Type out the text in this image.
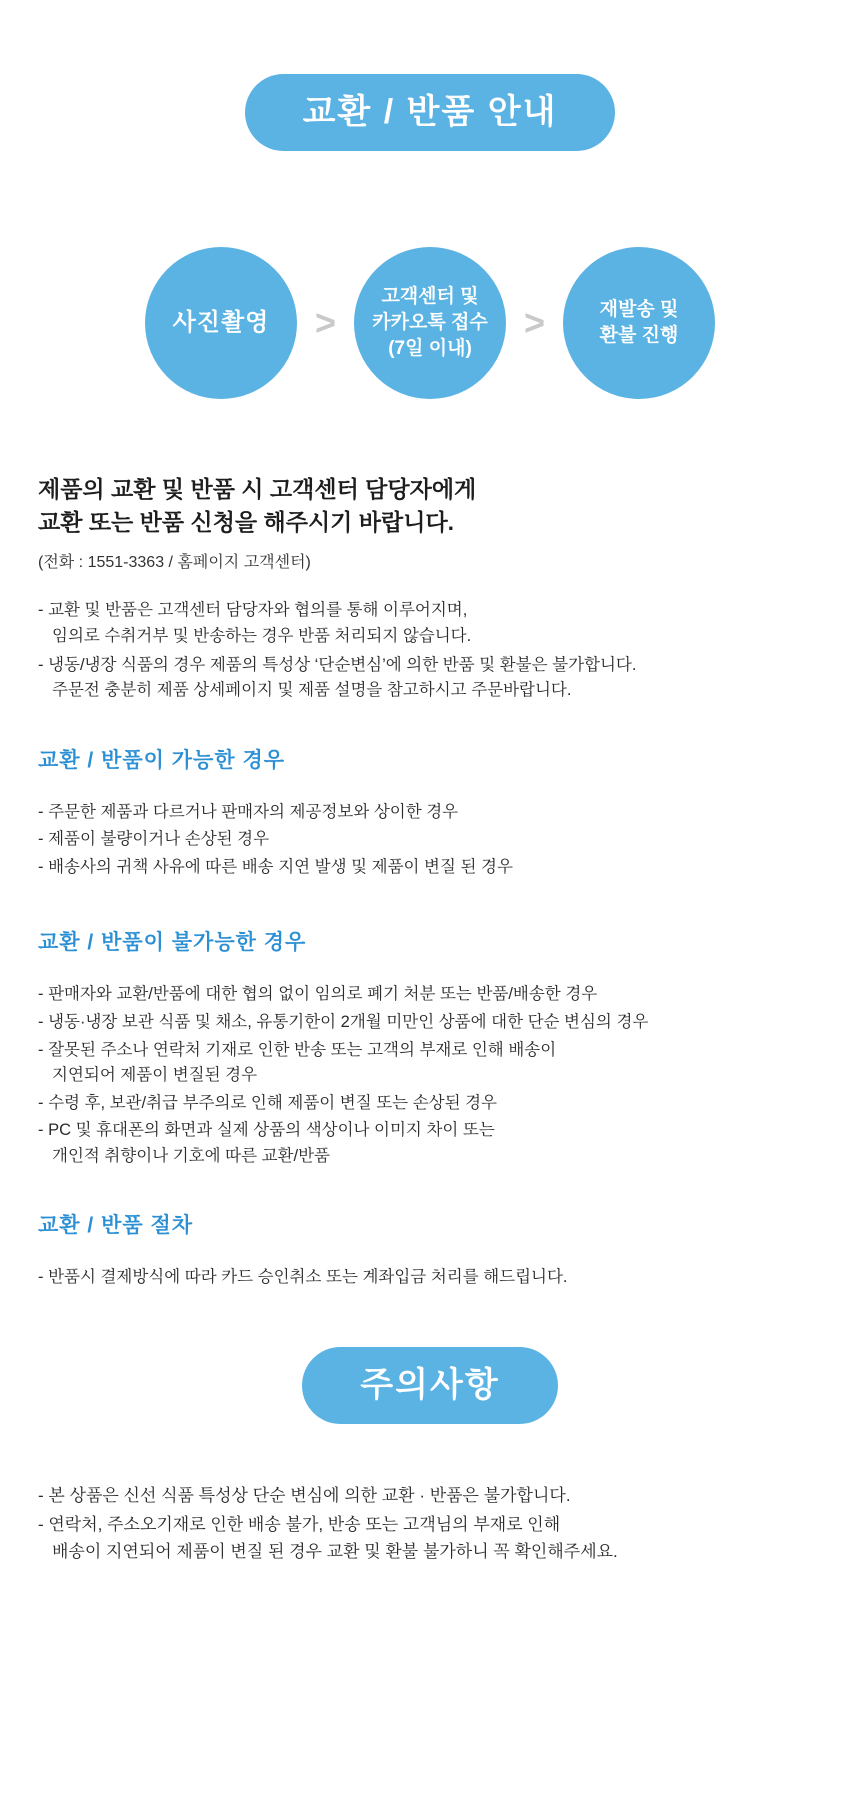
교환 / 반품 안내
사진촬영	>
고객센터 및
카카오톡 접수
(7일 이내)
>	재발송 및
환불 진행
제품의 교환 및 반품 시 고객센터 담당자에게
교환 또는 반품 신청을 해주시기 바랍니다.
(전화 : 1551-3363 / 홈페이지 고객센터)
- 교환 및 반품은 고객센터 담당자와 협의를 통해 이루어지며,
임의로 수취거부 및 반송하는 경우 반품 처리되지 않습니다.
- 냉동/냉장 식품의 경우 제품의 특성상 ‘단순변심’에 의한 반품 및 환불은 불가합니다.
주문전 충분히 제품 상세페이지 및 제품 설명을 참고하시고 주문바랍니다.
교환 / 반품이 가능한 경우
- 주문한 제품과 다르거나 판매자의 제공정보와 상이한 경우
- 제품이 불량이거나 손상된 경우
- 배송사의 귀책 사유에 따른 배송 지연 발생 및 제품이 변질 된 경우
교환 / 반품이 불가능한 경우
- 판매자와 교환/반품에 대한 협의 없이 임의로 폐기 처분 또는 반품/배송한 경우
- 냉동·냉장 보관 식품 및 채소, 유통기한이 2개월 미만인 상품에 대한 단순 변심의 경우
- 잘못된 주소나 연락처 기재로 인한 반송 또는 고객의 부재로 인해 배송이
지연되어 제품이 변질된 경우
- 수령 후, 보관/취급 부주의로 인해 제품이 변질 또는 손상된 경우
- PC 및 휴대폰의 화면과 실제 상품의 색상이나 이미지 차이 또는
개인적 취향이나 기호에 따른 교환/반품
교환 / 반품 절차
- 반품시 결제방식에 따라 카드 승인취소 또는 계좌입금 처리를 해드립니다.
주의사항
- 본 상품은 신선 식품 특성상 단순 변심에 의한 교환 · 반품은 불가합니다.
- 연락처, 주소오기재로 인한 배송 불가, 반송 또는 고객님의 부재로 인해
배송이 지연되어 제품이 변질 된 경우 교환 및 환불 불가하니 꼭 확인해주세요.
